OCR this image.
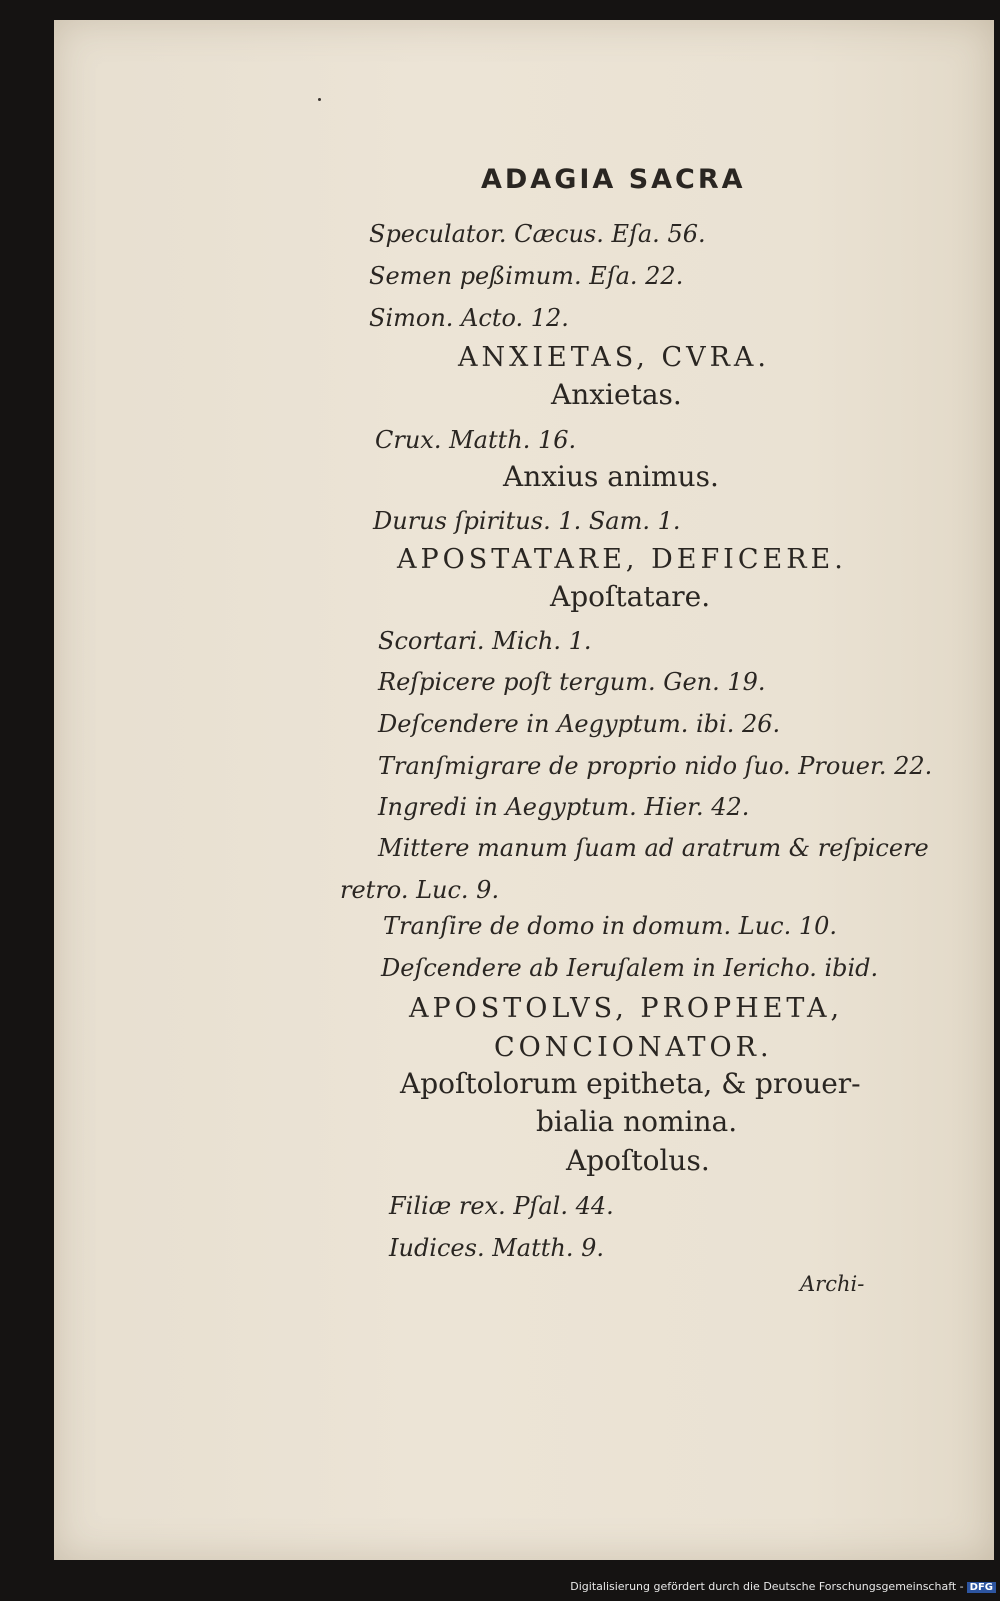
ADAGIA SACRA
Speculator. Cæcus. Eſa. 56.
Semen peßimum. Eſa. 22.
Simon. Acto. 12.
ANXIETAS, CVRA.
Anxietas.
Crux. Matth. 16.
Anxius animus.
Durus ſpiritus. 1. Sam. 1.
APOSTATARE, DEFICERE.
Apoſtatare.
Scortari. Mich. 1.
Reſpicere poſt tergum. Gen. 19.
Deſcendere in Aegyptum. ibi. 26.
Tranſmigrare de proprio nido ſuo. Prouer. 22.
Ingredi in Aegyptum. Hier. 42.
Mittere manum ſuam ad aratrum & reſpicere
retro. Luc. 9.
Tranſire de domo in domum. Luc. 10.
Deſcendere ab Ieruſalem in Iericho. ibid.
APOSTOLVS, PROPHETA,
CONCIONATOR.
Apoſtolorum epitheta, & prouer-
bialia nomina.
Apoſtolus.
Filiæ rex. Pſal. 44.
Iudices. Matth. 9.
Archi-
Digitalisierung gefördert durch die Deutsche Forschungsgemeinschaft - DFG
